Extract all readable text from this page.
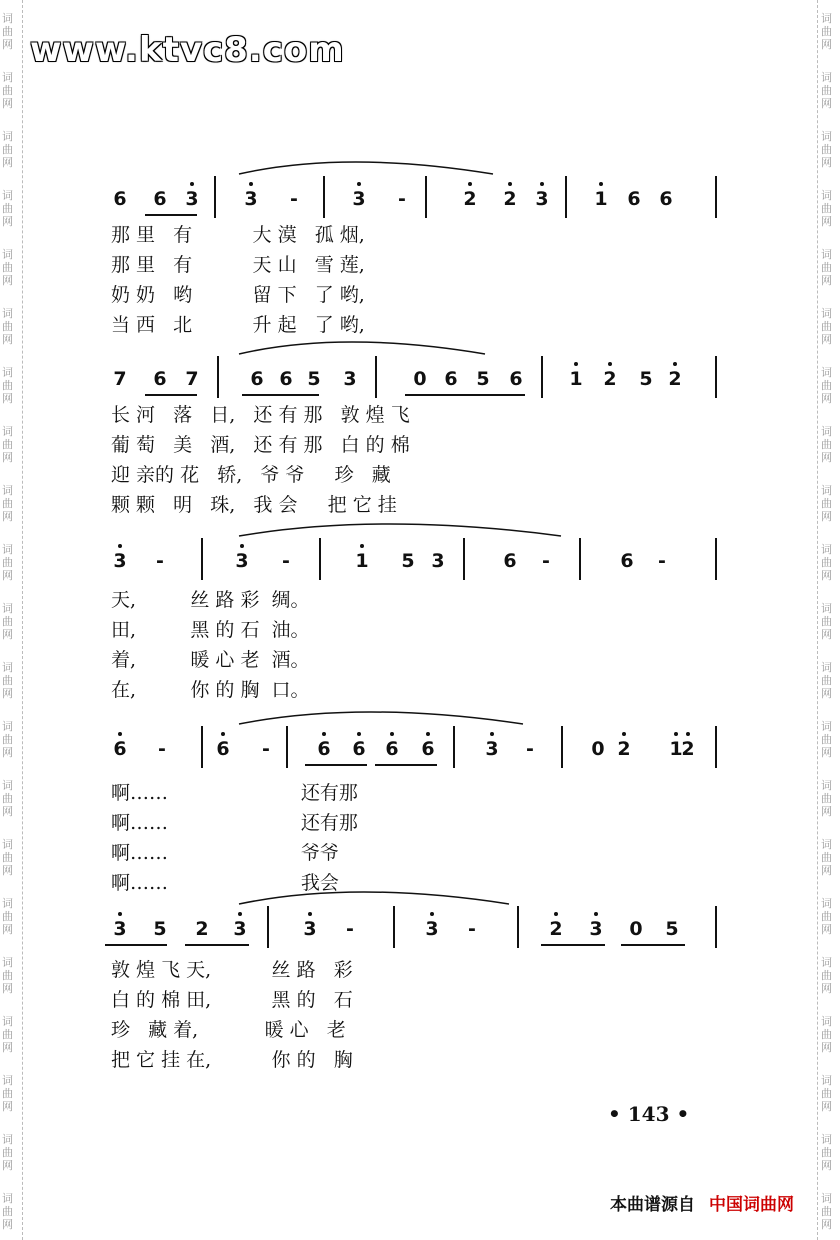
词
曲
网
词
曲
网
词
曲
网
词
曲
网
词
曲
网
词
曲
网
词
曲
网
词
曲
网
词
曲
网
词
曲
网
词
曲
网
词
曲
网
词
曲
网
词
曲
网
词
曲
网
词
曲
网
词
曲
网
词
曲
网
词
曲
网
词
曲
网
词
曲
网
词
曲
网
词
曲
网
词
曲
网
词
曲
网
词
曲
网
词
曲
网
词
曲
网
词
曲
网
词
曲
网
词
曲
网
词
曲
网
词
曲
网
词
曲
网
词
曲
网
词
曲
网
词
曲
网
词
曲
网
词
曲
网
词
曲
网
词
曲
网
词
曲
网
www.ktvc8.com
6 6 3 3 -	3 -	2 2 3 1 6 6
那 里   有          大 漠   孤 烟,
那 里   有          天 山   雪 莲,
奶 奶   哟          留 下   了 哟,
当 西   北          升 起   了 哟,
7 6 7	6 6 5 3	0 6 5 6 1 2 5 2
长 河   落   日,   还 有 那   敦 煌 飞
葡 萄   美   酒,   还 有 那   白 的 棉
迎 亲的 花   轿,   爷 爷     珍   藏
颗 颗   明   珠,   我 会     把 它 挂
3 -	3 -	1 5 3	6 -	6 -
天,         丝 路 彩  绸。
田,         黑 的 石  油。
着,         暖 心 老  酒。
在,         你 的 胸  口。
6 -	6 - 6 6 6 6	3 -	0 2 1
2
啊……                      还有那
啊……                      还有那
啊……                      爷爷
啊……                      我会
3 5 2 3	3 -	3 -	2 3 0 5
敦 煌 飞 天,          丝 路   彩
白 的 棉 田,          黑 的   石
珍   藏 着,           暖 心   老
把 它 挂 在,          你 的   胸
• 143 •
本曲谱源自 中国词曲网
